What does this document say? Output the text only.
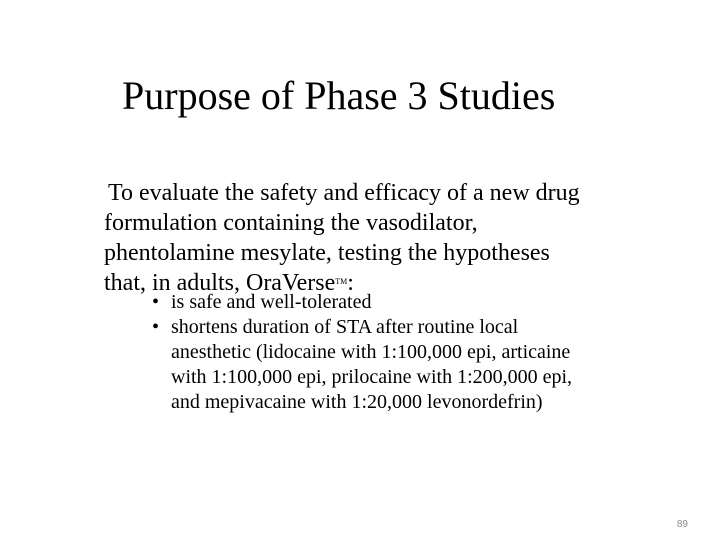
Purpose of Phase 3 Studies
To evaluate the safety and efficacy of a new drug
formulation containing the vasodilator,
phentolamine mesylate, testing the hypotheses
that, in adults, OraVerse™:
• is safe and well-tolerated
• shortens duration of STA after routine local
anesthetic (lidocaine with 1:100,000 epi, articaine
with 1:100,000 epi, prilocaine with 1:200,000 epi,
and mepivacaine with 1:20,000 levonordefrin)
89
